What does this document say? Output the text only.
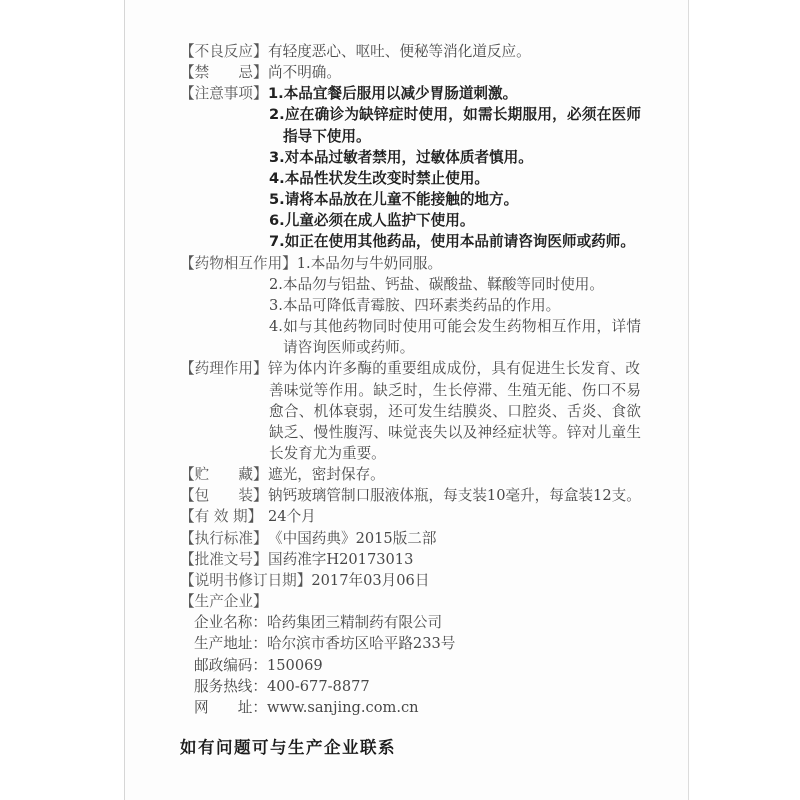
【不良反应】有轻度恶心、呕吐、便秘等消化道反应。
【禁　　忌】尚不明确。
【注意事项】1.本品宜餐后服用以减少胃肠道刺激。
2.应在确诊为缺锌症时使用，如需长期服用，必须在医师
指导下使用。
3.对本品过敏者禁用，过敏体质者慎用。
4.本品性状发生改变时禁止使用。
5.请将本品放在儿童不能接触的地方。
6.儿童必须在成人监护下使用。
7.如正在使用其他药品，使用本品前请咨询医师或药师。
【药物相互作用】1.本品勿与牛奶同服。
2.本品勿与铝盐、钙盐、碳酸盐、鞣酸等同时使用。
3.本品可降低青霉胺、四环素类药品的作用。
4.如与其他药物同时使用可能会发生药物相互作用，详情
请咨询医师或药师。
【药理作用】锌为体内许多酶的重要组成成份，具有促进生长发育、改
善味觉等作用。缺乏时，生长停滞、生殖无能、伤口不易
愈合、机体衰弱，还可发生结膜炎、口腔炎、舌炎、食欲
缺乏、慢性腹泻、味觉丧失以及神经症状等。锌对儿童生
长发育尤为重要。
【贮　　藏】遮光，密封保存。
【包　　装】钠钙玻璃管制口服液体瓶，每支装10毫升，每盒装12支。
【有 效 期】 24个月
【执行标准】《中国药典》2015版二部
【批准文号】国药准字H20173013
【说明书修订日期】2017年03月06日
【生产企业】
企业名称：哈药集团三精制药有限公司
生产地址：哈尔滨市香坊区哈平路233号
邮政编码：150069
服务热线：400-677-8877
网　　址：www.sanjing.com.cn
如有问题可与生产企业联系
